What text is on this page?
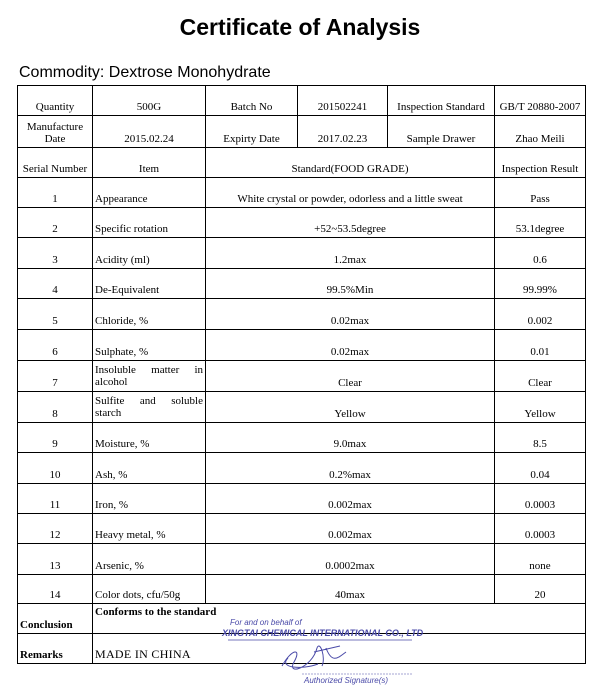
Certificate of Analysis
Commodity: Dextrose Monohydrate
Quantity	500G	Batch No	201502241	Inspection Standard	GB/T 20880-2007
Manufacture Date	2015.02.24	Expirty Date	2017.02.23	Sample Drawer	Zhao Meili
Serial Number	Item	Standard(FOOD GRADE)			Inspection Result
1	Appearance	White crystal or powder, odorless and a little sweat			Pass
2	Specific rotation	+52~53.5degree			53.1degree
3	Acidity (ml)	1.2max			0.6
4	De-Equivalent	99.5%Min			99.99%
5	Chloride, %	0.02max			0.002
6	Sulphate, %	0.02max			0.01
7	Insoluble matter in alcohol	Clear			Clear
8	Sulfite and soluble starch	Yellow			Yellow
9	Moisture, %	9.0max			8.5
10	Ash, %	0.2%max			0.04
11	Iron, %	0.002max			0.0003
12	Heavy metal, %	0.002max			0.0003
13	Arsenic, %	0.0002max			none
14	Color dots, cfu/50g	40max			20
Conclusion	Conforms to the standard				
Remarks	MADE IN CHINA				
For and on behalf of
XINGTAI CHEMICAL INTERNATIONAL CO., LTD
Authorized Signature(s)
